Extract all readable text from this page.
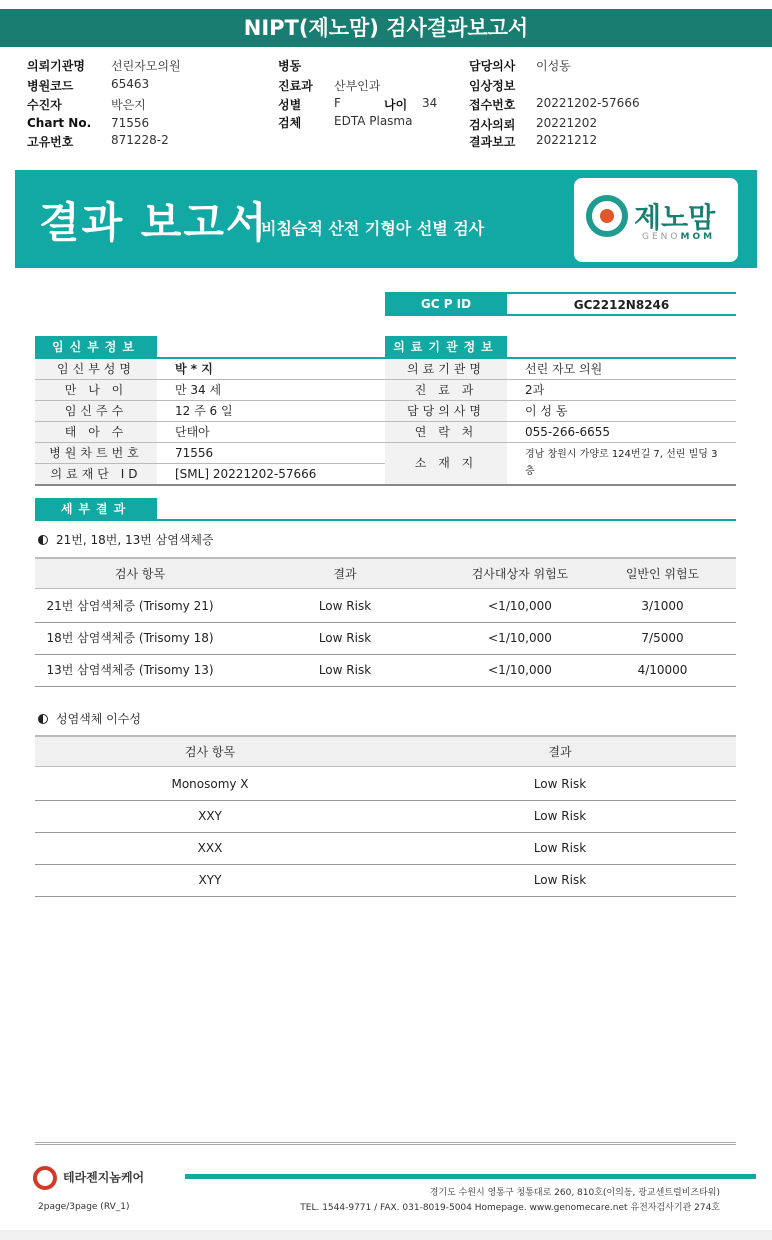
NIPT(제노맘) 검사결과보고서
의뢰기관명 선린자모의원
병원코드	65463
수진자	박은지
Chart No. 71556
고유번호	871228-2
병동
진료과 산부인과
성별	F	나이 34
검체	EDTA Plasma
담당의사 이성동
임상정보
접수번호 20221202-57666
검사의뢰 20221202
결과보고 20221212
결과 보고서
비침습적 산전 기형아 선별 검사	제노맘
GENOMOM
GC P ID	GC2212N8246
임신부정보
임신부성명	박 * 지
만 나 이	만 34 세
임신주수	12 주 6 일
태 아 수	단태아
병원차트번호	71556
의료재단 ID	[SML] 20221202-57666
의료기관정보
의료기관명	선린 자모 의원
진 료 과	2과
담당의사명	이 성 동
연 락 처	055-266-6655
소 재 지
경남 창원시 가양로 124번길 7, 선린 빌딩 3
층
세부결과
21번, 18번, 13번 삼염색체증
검사 항목	결과	검사대상자 위험도	일반인 위험도
21번 삼염색체증 (Trisomy 21)	Low Risk	<1/10,000	3/1000
18번 삼염색체증 (Trisomy 18)	Low Risk	<1/10,000	7/5000
13번 삼염색체증 (Trisomy 13)	Low Risk	<1/10,000	4/10000
성염색체 이수성
검사 항목	결과
Monosomy X	Low Risk
XXY	Low Risk
XXX	Low Risk
XYY	Low Risk
테라젠지놈케어
경기도 수원시 영통구 청통대로 260, 810호(이의동, 광교센트럴비즈타워)
TEL. 1544-9771 / FAX. 031-8019-5004 Homepage. www.genomecare.net 유전자검사기관 274호
2page/3page (RV_1)
